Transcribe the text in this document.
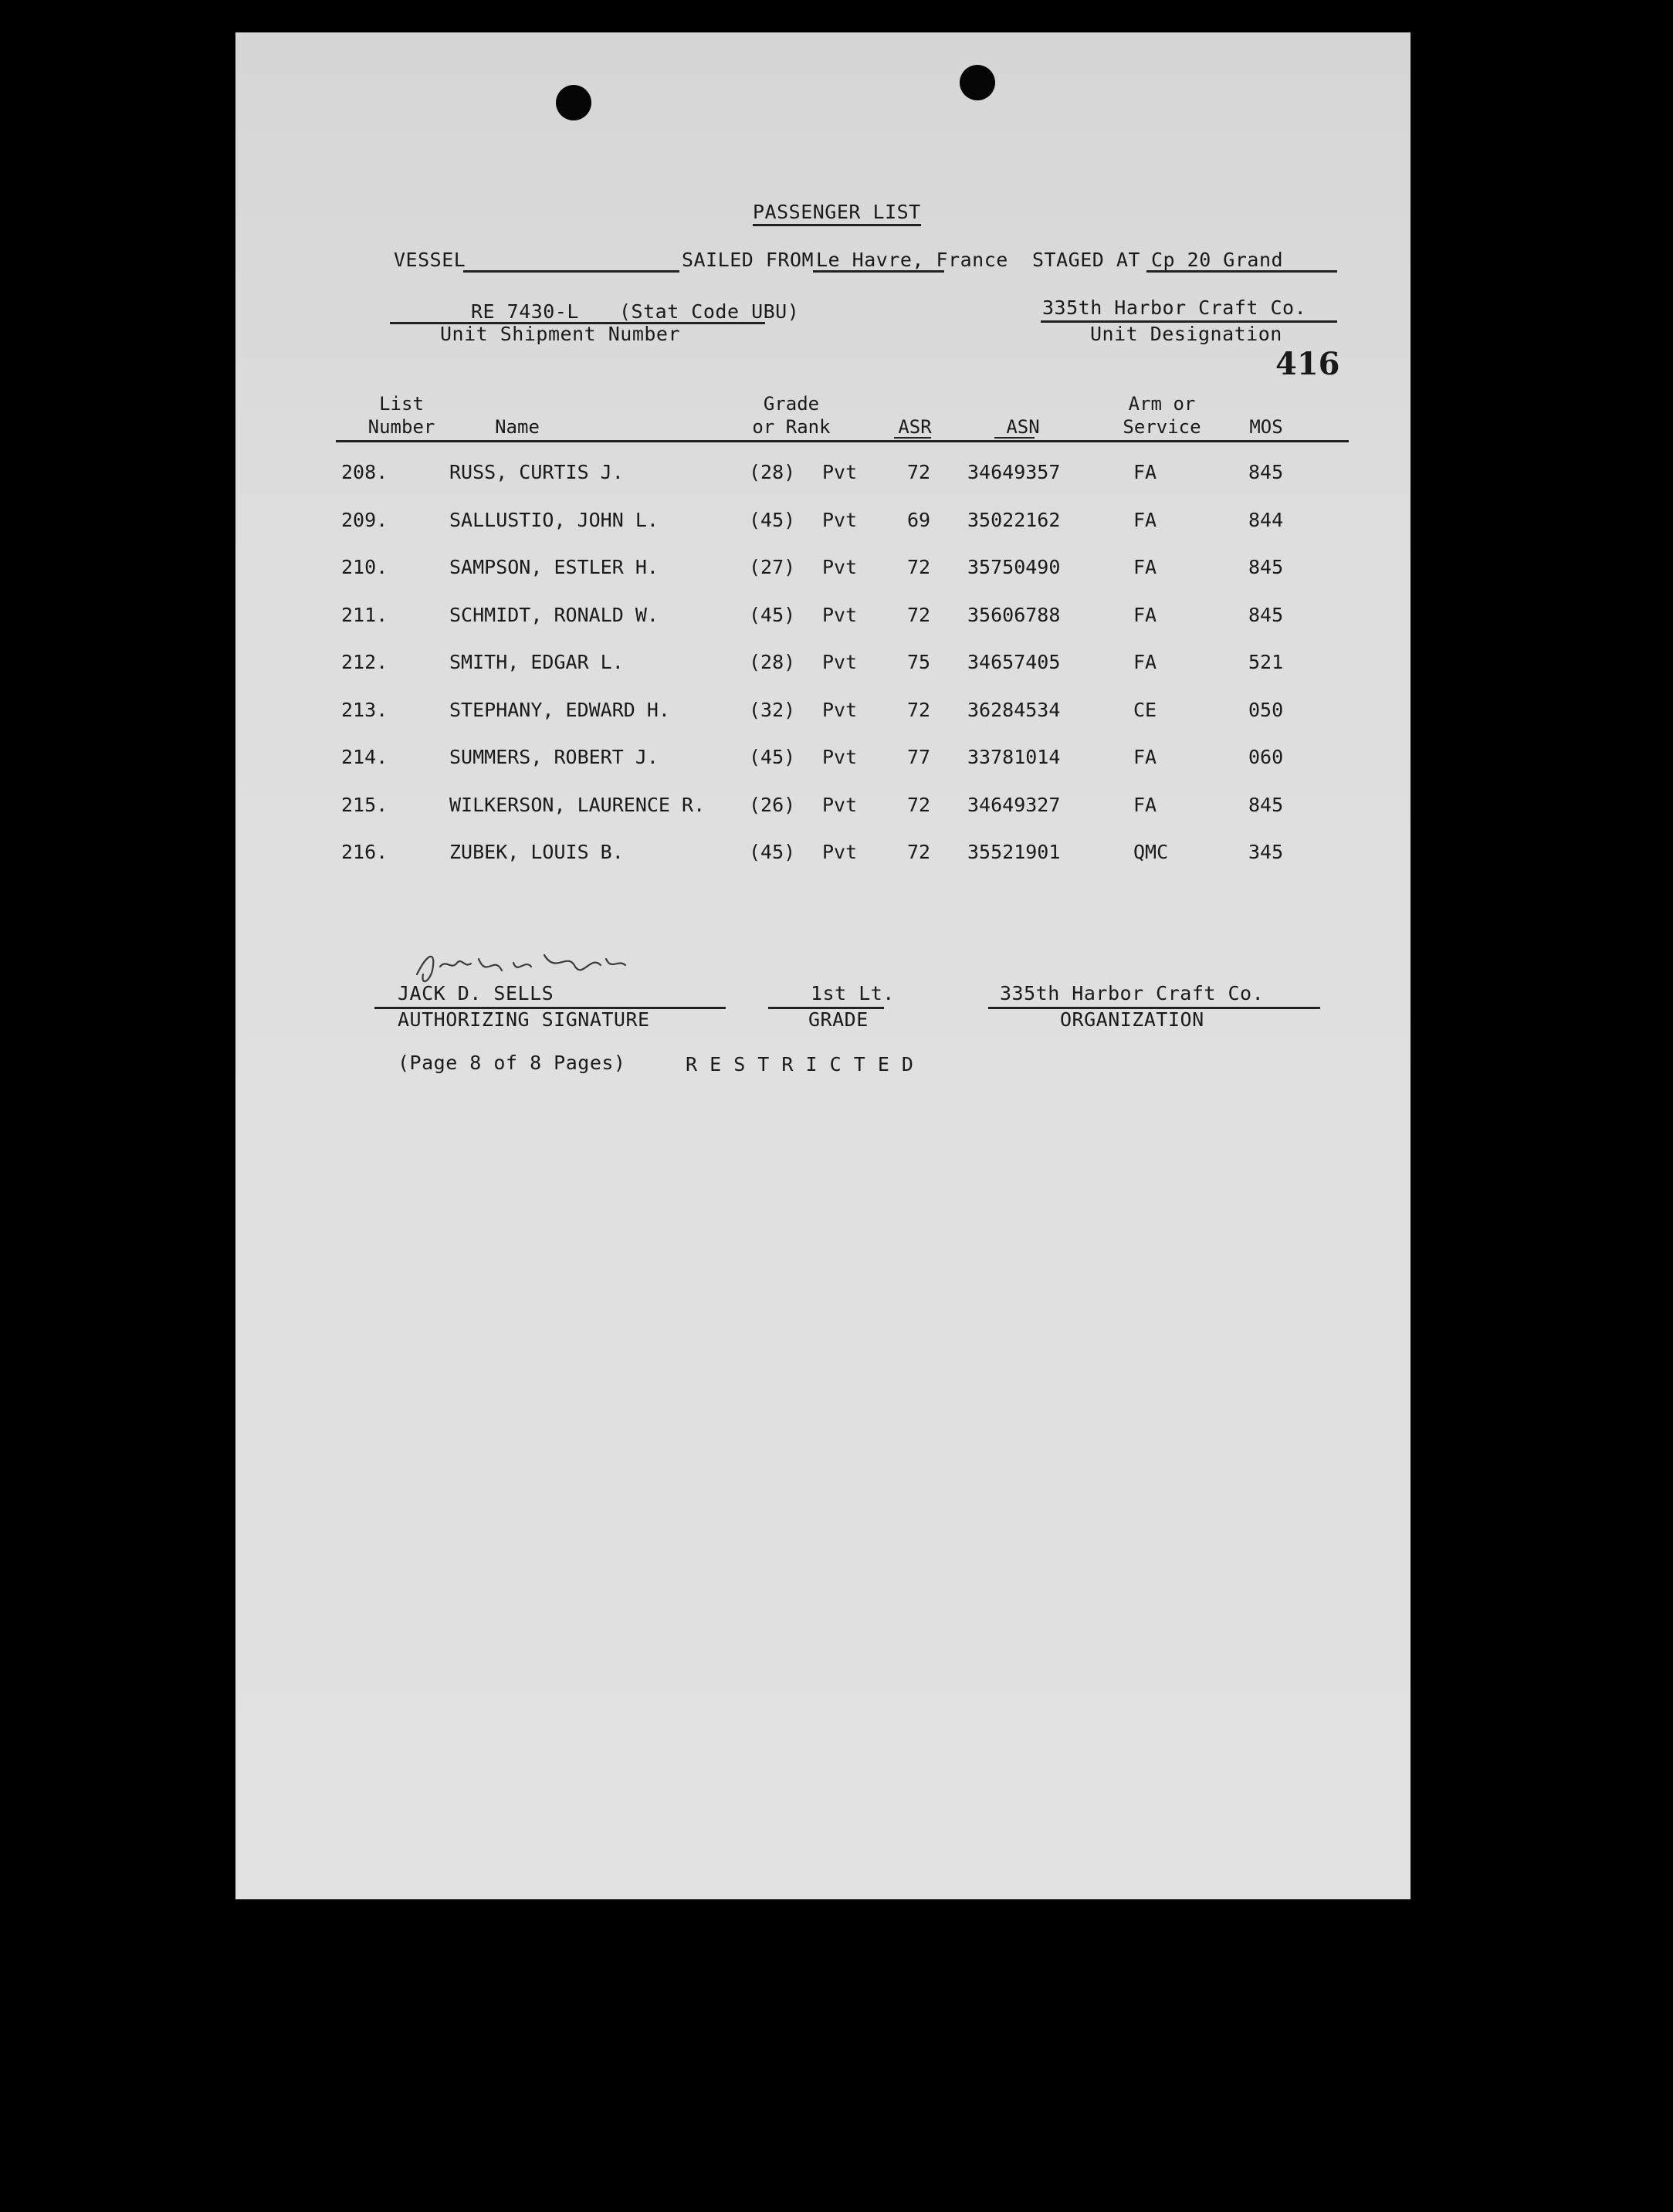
PASSENGER LIST
VESSEL	SAILED FROM Le Havre, France STAGED AT Cp 20 Grand
RE 7430-L (Stat Code UBU)
Unit Shipment Number
335th Harbor Craft Co.
Unit Designation
416
List
Number	Name
Grade
or Rank	ASR	ASN
Arm or
Service	MOS
208.	RUSS, CURTIS J.	(28) Pvt	72 34649357	FA	845
209.	SALLUSTIO, JOHN L.	(45) Pvt	69 35022162	FA	844
210.	SAMPSON, ESTLER H.	(27) Pvt	72 35750490	FA	845
211.	SCHMIDT, RONALD W.	(45) Pvt	72 35606788	FA	845
212.	SMITH, EDGAR L.	(28) Pvt	75 34657405	FA	521
213.	STEPHANY, EDWARD H.	(32) Pvt	72 36284534	CE	050
214.	SUMMERS, ROBERT J.	(45) Pvt	77 33781014	FA	060
215.	WILKERSON, LAURENCE R. (26) Pvt	72 34649327	FA	845
216.	ZUBEK, LOUIS B.	(45) Pvt	72 35521901	QMC	345
JACK D. SELLS
AUTHORIZING SIGNATURE
1st Lt.
GRADE
335th Harbor Craft Co.
ORGANIZATION
(Page 8 of 8 Pages)	R E S T R I C T E D
